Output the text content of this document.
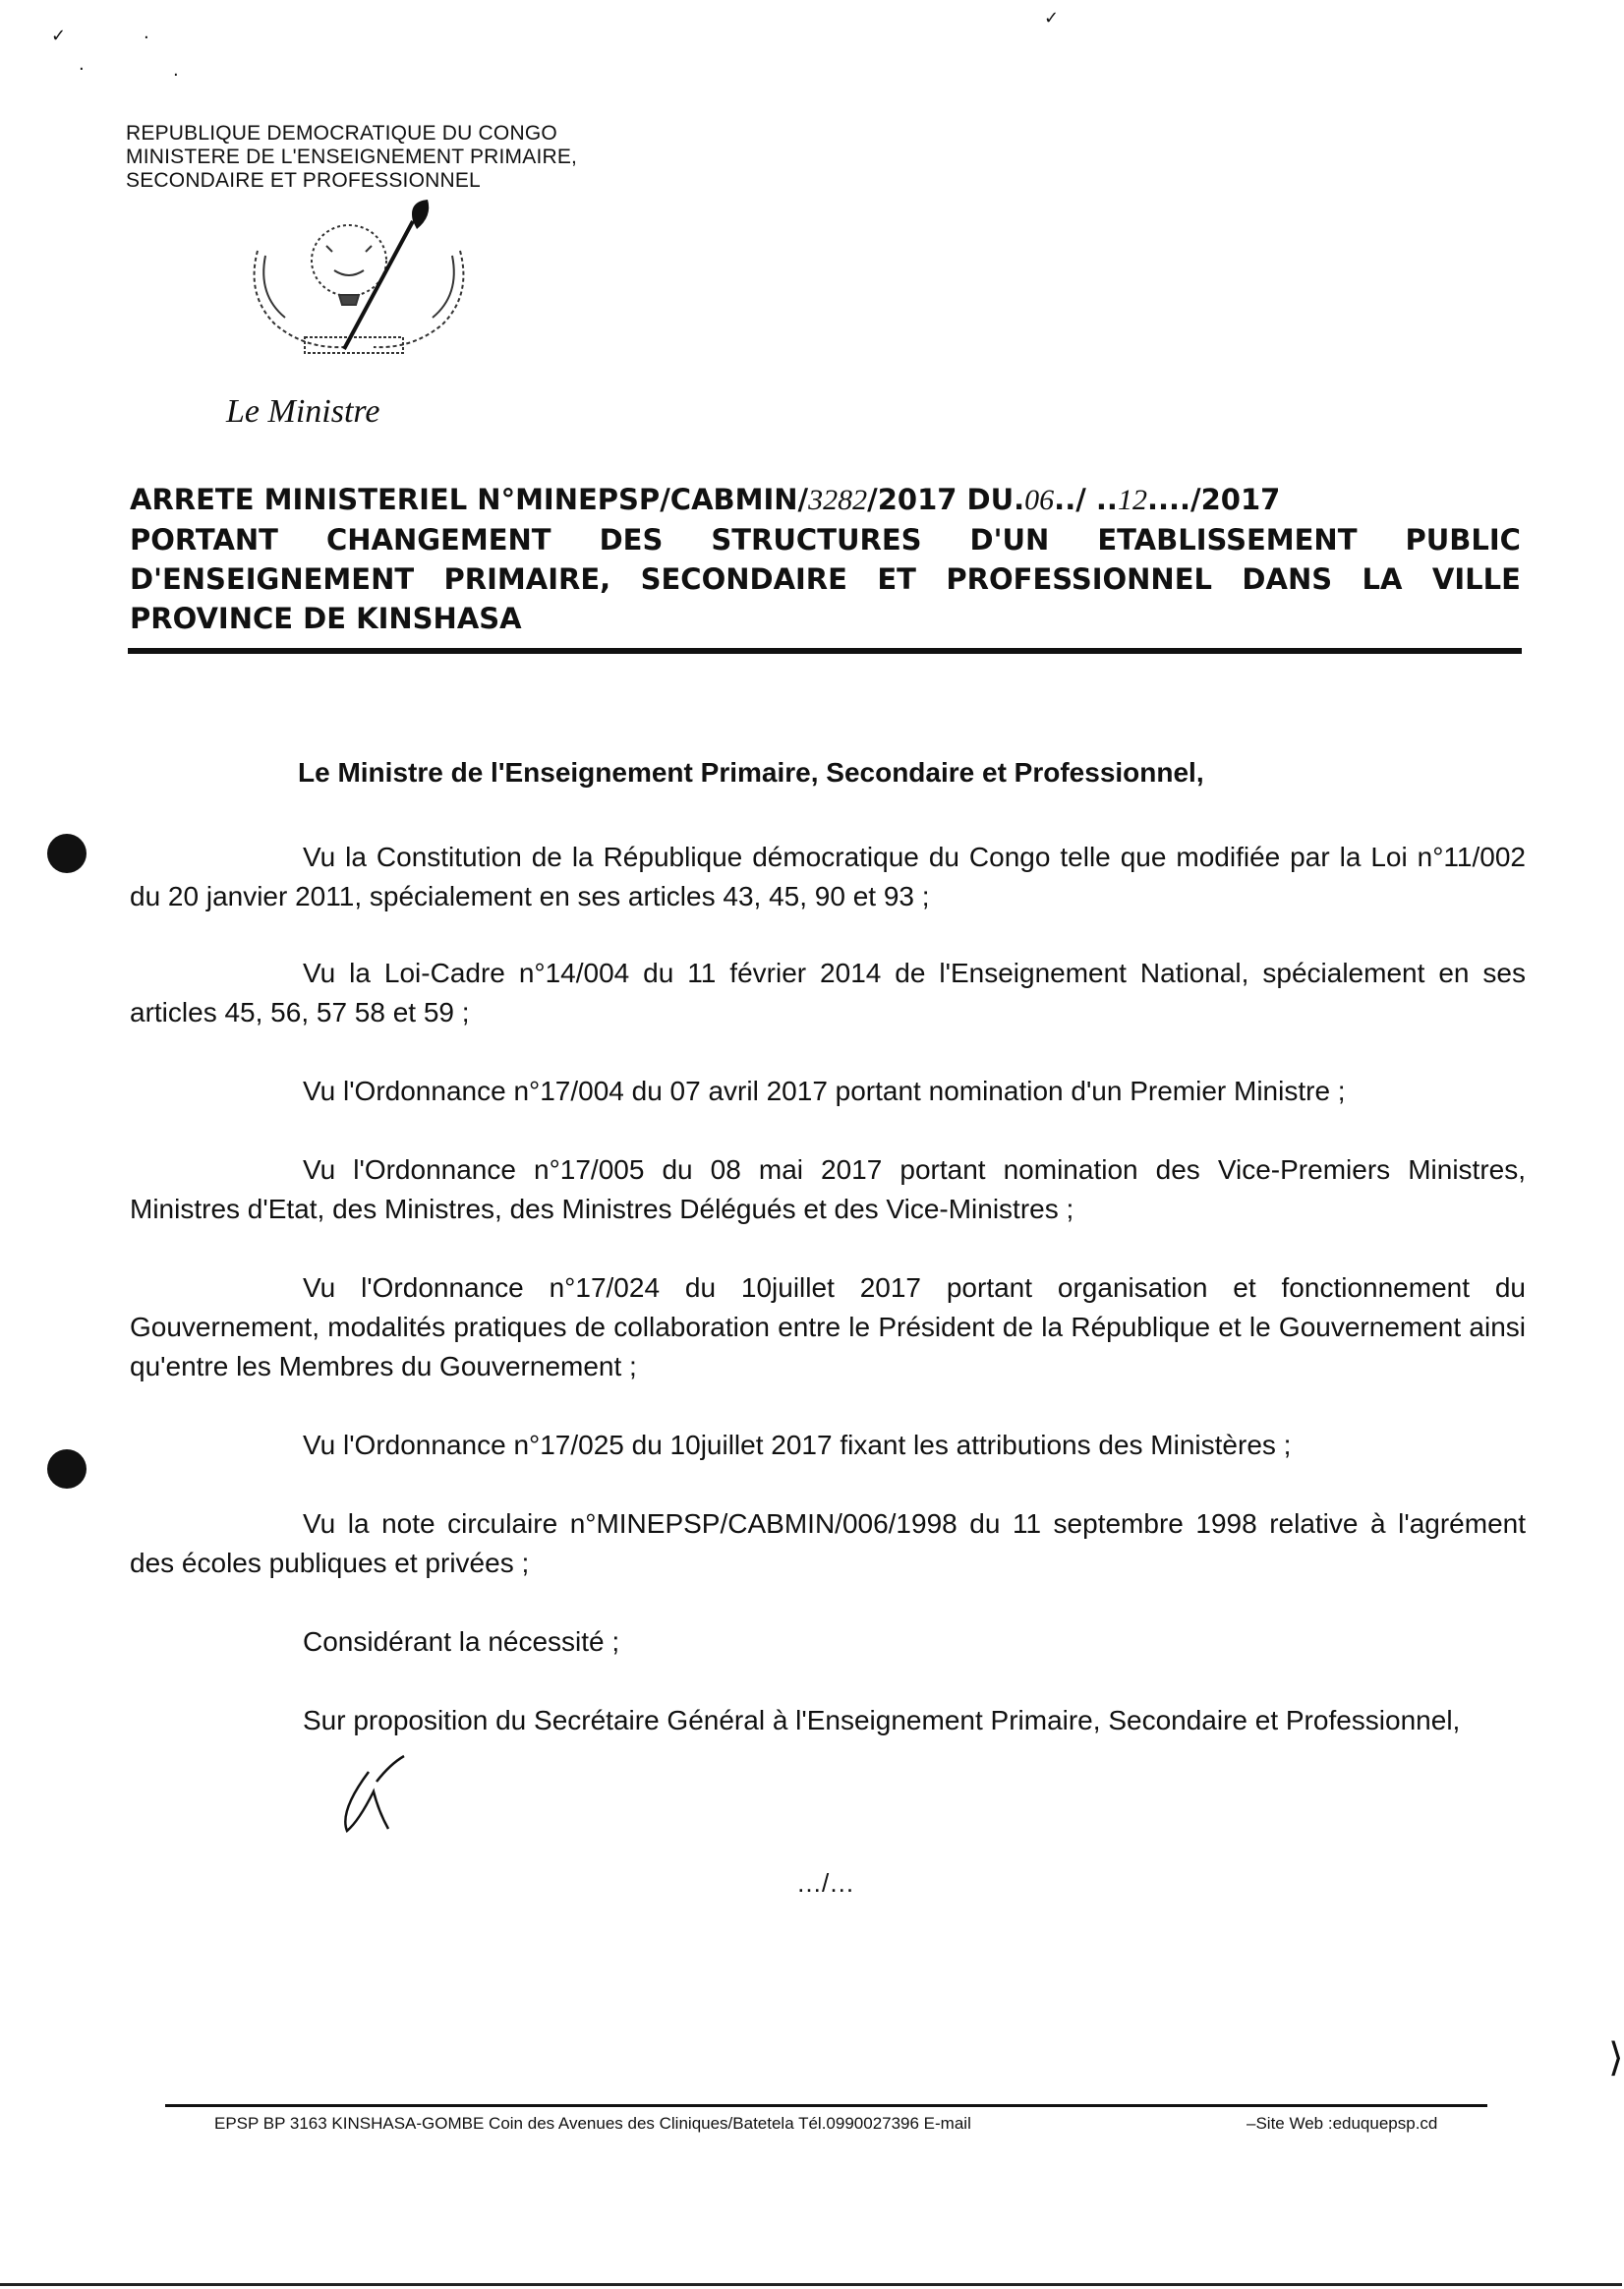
✓	·
·	·
✓
⟩
REPUBLIQUE DEMOCRATIQUE DU CONGO
MINISTERE DE L'ENSEIGNEMENT PRIMAIRE,
SECONDAIRE ET PROFESSIONNEL
Le Ministre
ARRETE MINISTERIEL N°MINEPSP/CABMIN/3282/2017 DU.06../ ..12..../2017
PORTANT CHANGEMENT DES STRUCTURES D'UN ETABLISSEMENT PUBLIC
D'ENSEIGNEMENT PRIMAIRE, SECONDAIRE ET PROFESSIONNEL DANS LA VILLE
PROVINCE DE KINSHASA
Le Ministre de l'Enseignement Primaire, Secondaire et Professionnel,

Vu la Constitution de la République démocratique du Congo telle que modifiée par la Loi n°11/002 du 20 janvier 2011, spécialement en ses articles 43, 45, 90 et 93 ;

Vu la Loi-Cadre n°14/004 du 11 février 2014 de l'Enseignement National, spécialement en ses articles 45, 56, 57 58 et 59 ;

Vu l'Ordonnance n°17/004 du 07 avril 2017 portant nomination d'un Premier Ministre ;

Vu l'Ordonnance n°17/005 du 08 mai 2017 portant nomination des Vice-Premiers Ministres, Ministres d'Etat, des Ministres, des Ministres Délégués et des Vice-Ministres ;

Vu l'Ordonnance n°17/024 du 10juillet 2017 portant organisation et fonctionnement du Gouvernement, modalités pratiques de collaboration entre le Président de la République et le Gouvernement ainsi qu'entre les Membres du Gouvernement ;

Vu l'Ordonnance n°17/025 du 10juillet 2017 fixant les attributions des Ministères ;

Vu la note circulaire n°MINEPSP/CABMIN/006/1998 du 11 septembre 1998 relative à l'agrément des écoles publiques et privées ;

Considérant la nécessité ;

Sur proposition du Secrétaire Général à l'Enseignement Primaire, Secondaire et Professionnel,

…/…
EPSP BP 3163 KINSHASA-GOMBE Coin des Avenues des Cliniques/Batetela Tél.0990027396 E-mail	–Site Web :eduquepsp.cd
